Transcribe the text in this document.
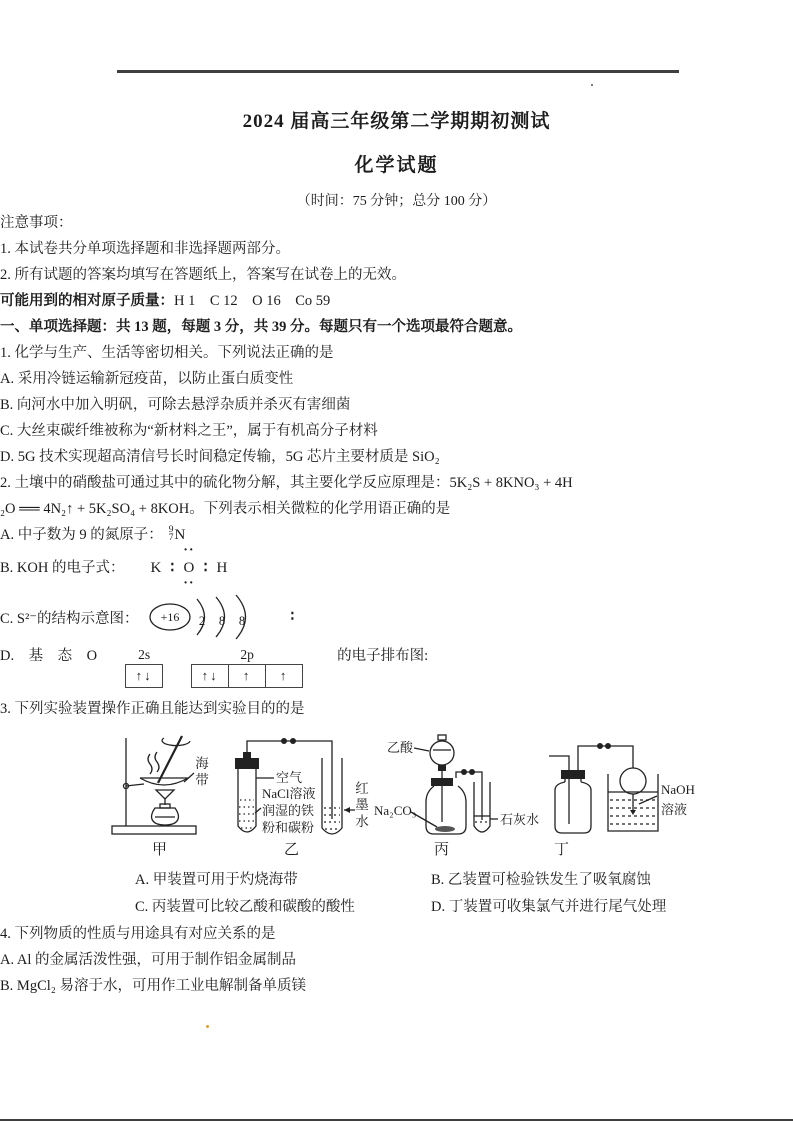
2024 届高三年级第二学期期初测试
化学试题

（时间：75 分钟；总分 100 分）

注意事项：

1. 本试卷共分单项选择题和非选择题两部分。

2. 所有试题的答案均填写在答题纸上，答案写在试卷上的无效。

可能用到的相对原子质量：H 1　C 12　O 16　Co 59

一、单项选择题：共 13 题，每题 3 分，共 39 分。每题只有一个选项最符合题意。

1. 化学与生产、生活等密切相关。下列说法正确的是

A. 采用冷链运输新冠疫苗，以防止蛋白质变性

B. 向河水中加入明矾，可除去悬浮杂质并杀灭有害细菌

C. 大丝束碳纤维被称为“新材料之王”，属于有机高分子材料

D. 5G 技术实现超高清信号长时间稳定传输，5G 芯片主要材质是 SiO₂

2. 土壤中的硝酸盐可通过其中的硫化物分解，其主要化学反应原理是：5K₂S + 8KNO₃ + 4H

₂O ══ 4N₂↑ + 5K₂SO₄ + 8KOH。下列表示相关微粒的化学用语正确的是

A. 中子数为 9 的氮原子： 9
7 N

B. KOH 的电子式： K ∶
··
O
··
∶ H

C. S²⁻的结构示意图： +16 2 8 8	∶
D.　基　态　O	2s
↑↓
2p
↑↓	↑	↑
的电子排布图:

3. 下列实验装置操作正确且能达到实验目的的是

海带	空气
NaCl溶液
润湿的铁
粉和碳粉	红墨水
乙酸
Na₂CO₃
石灰水
NaOH
溶液
甲	乙	丙	丁
A. 甲装置可用于灼烧海带	B. 乙装置可检验铁发生了吸氧腐蚀
C. 丙装置可比较乙酸和碳酸的酸性	D. 丁装置可收集氯气并进行尾气处理

4. 下列物质的性质与用途具有对应关系的是

A. Al 的金属活泼性强，可用于制作铝金属制品

B. MgCl₂ 易溶于水，可用作工业电解制备单质镁
